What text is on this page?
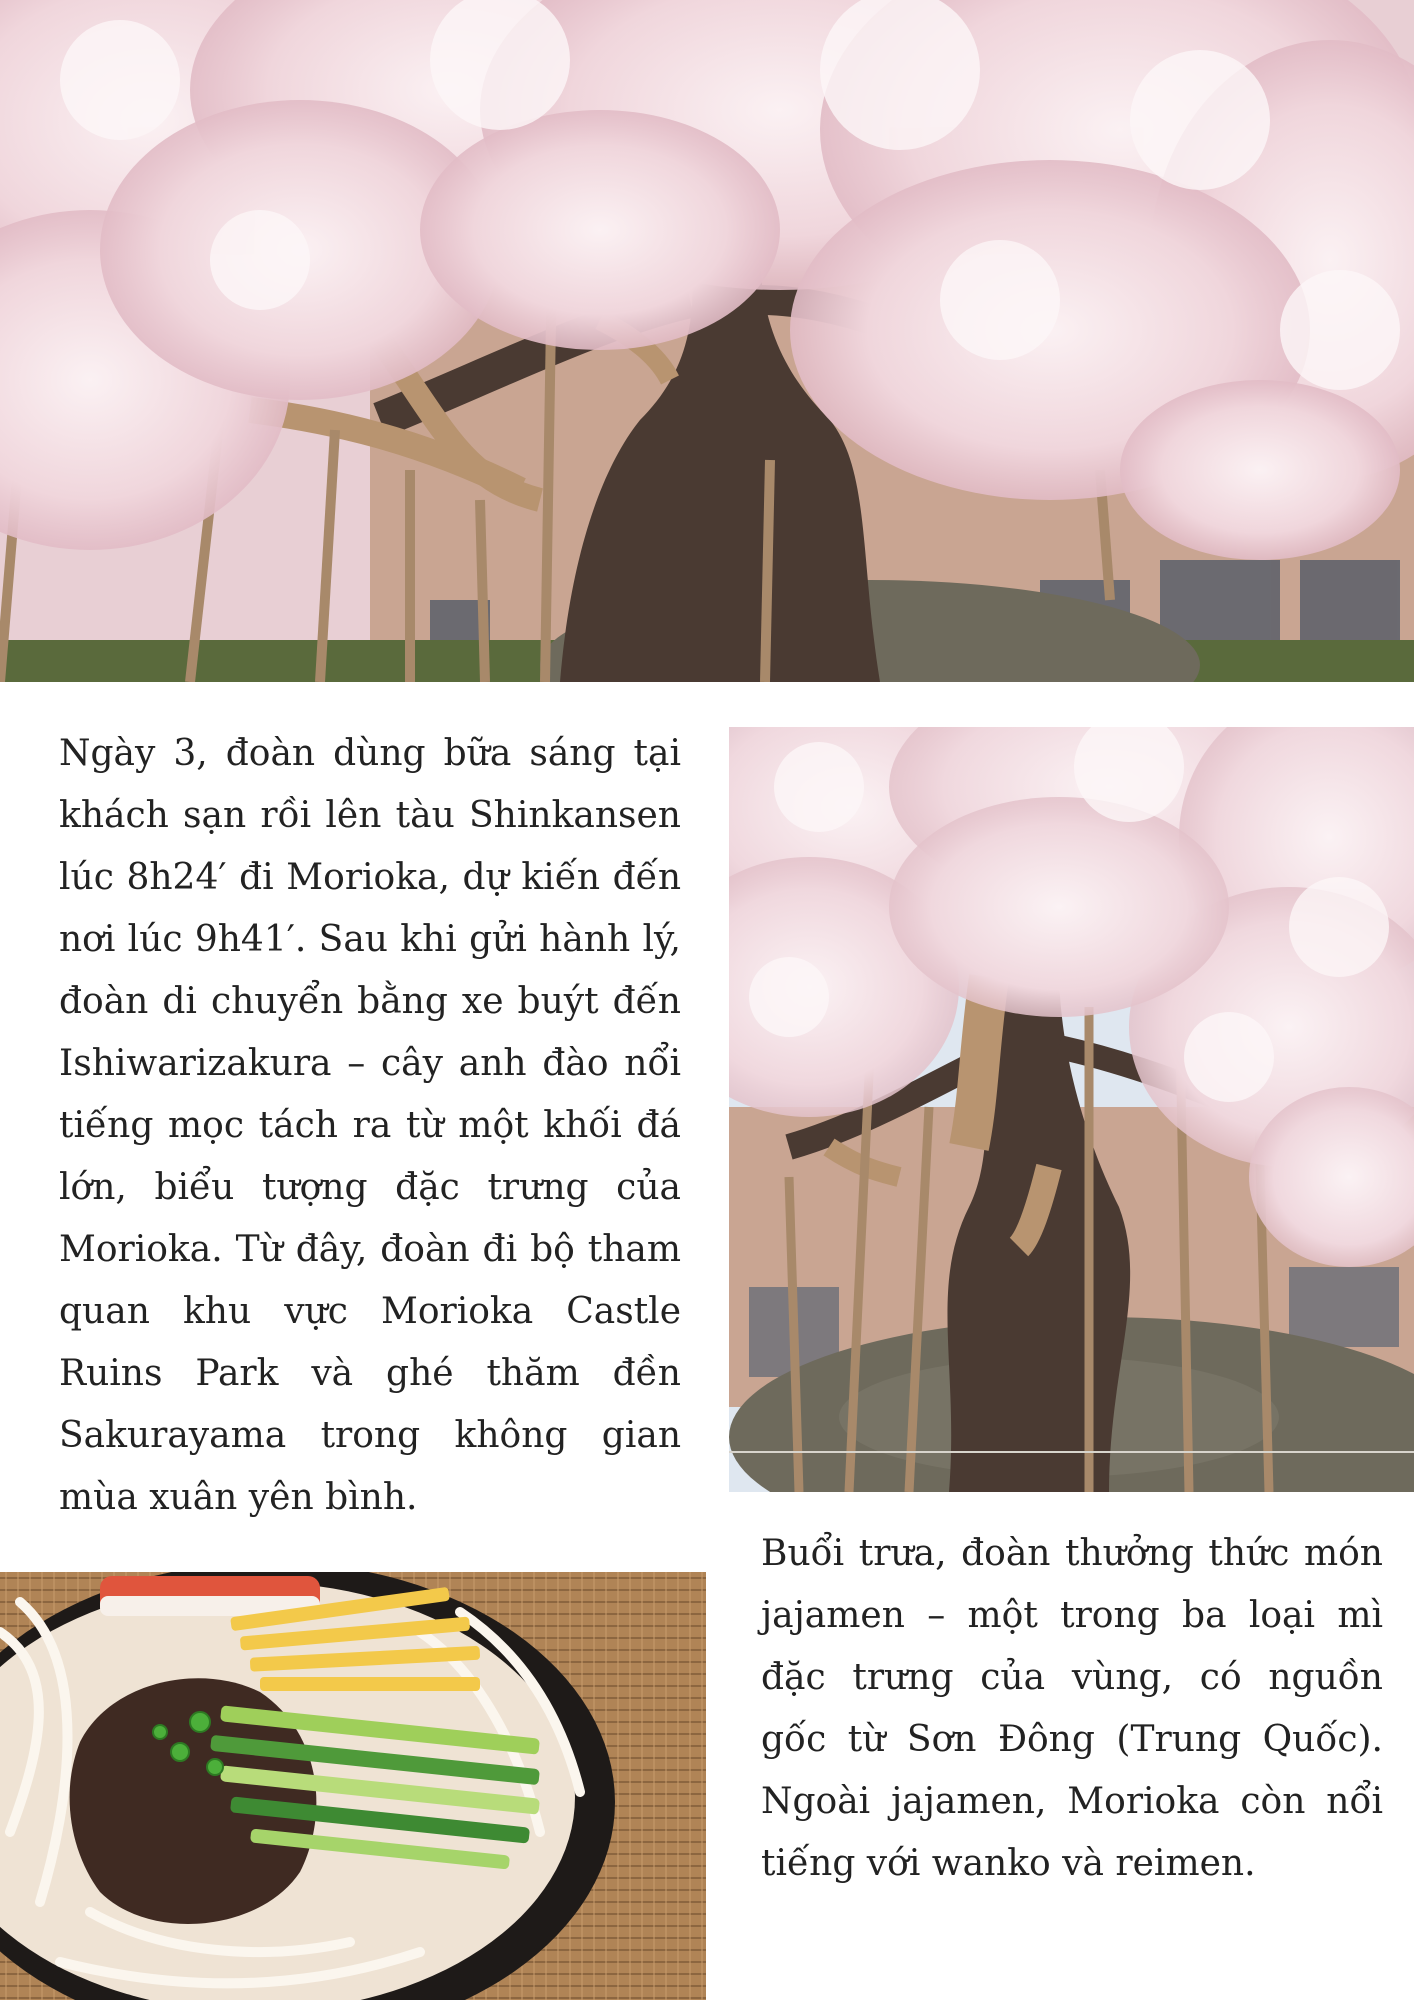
Ngày 3, đoàn dùng bữa sáng tại khách sạn rồi lên tàu Shinkansen lúc 8h24′ đi Morioka, dự kiến đến nơi lúc 9h41′. Sau khi gửi hành lý, đoàn di chuyển bằng xe buýt đến Ishiwarizakura – cây anh đào nổi tiếng mọc tách ra từ một khối đá lớn, biểu tượng đặc trưng của Morioka. Từ đây, đoàn đi bộ tham quan khu vực Morioka Castle Ruins Park và ghé thăm đền Sakurayama trong không gian mùa xuân yên bình.

Buổi trưa, đoàn thưởng thức món jajamen – một trong ba loại mì đặc trưng của vùng, có nguồn gốc từ Sơn Đông (Trung Quốc). Ngoài jajamen, Morioka còn nổi tiếng với wanko và reimen.
